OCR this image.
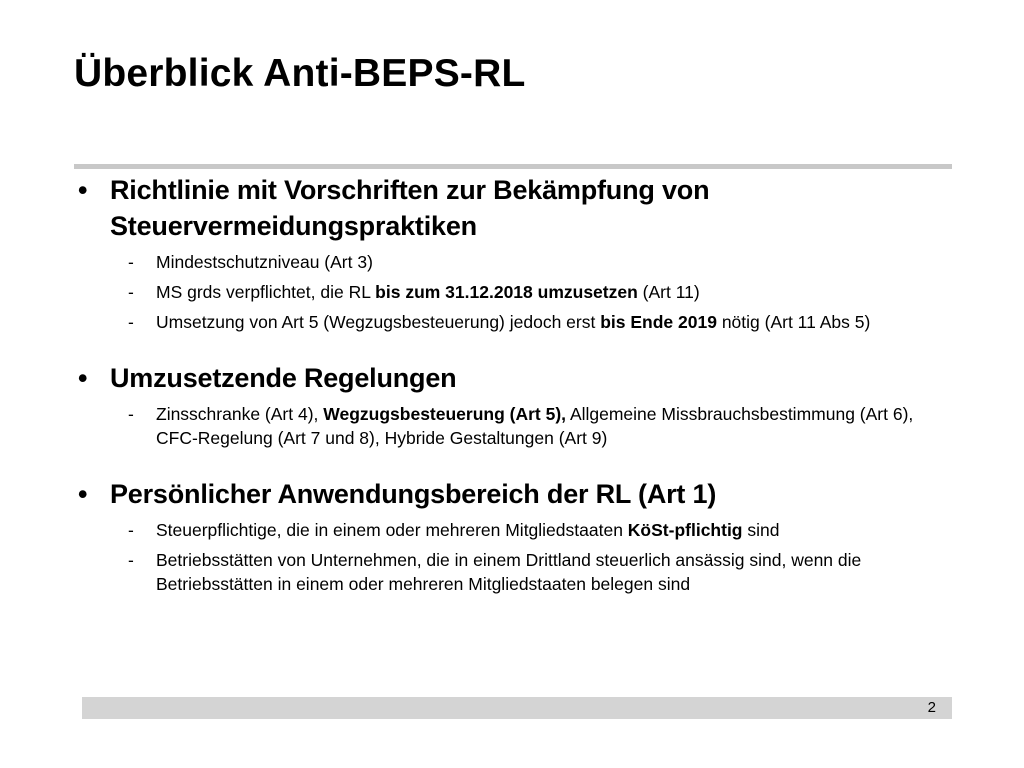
Überblick Anti-BEPS-RL
• Richtlinie mit Vorschriften zur Bekämpfung von Steuervermeidungspraktiken
- Mindestschutzniveau (Art 3)
- MS grds verpflichtet, die RL bis zum 31.12.2018 umzusetzen (Art 11)
- Umsetzung von Art 5 (Wegzugsbesteuerung) jedoch erst bis Ende 2019 nötig (Art 11 Abs 5)
• Umzusetzende Regelungen
- Zinsschranke (Art 4), Wegzugsbesteuerung (Art 5), Allgemeine Missbrauchsbestimmung (Art 6), CFC-Regelung (Art 7 und 8), Hybride Gestaltungen (Art 9)
• Persönlicher Anwendungsbereich der RL (Art 1)
- Steuerpflichtige, die in einem oder mehreren Mitgliedstaaten KöSt-pflichtig sind
- Betriebsstätten von Unternehmen, die in einem Drittland steuerlich ansässig sind, wenn die Betriebsstätten in einem oder mehreren Mitgliedstaaten belegen sind
2
